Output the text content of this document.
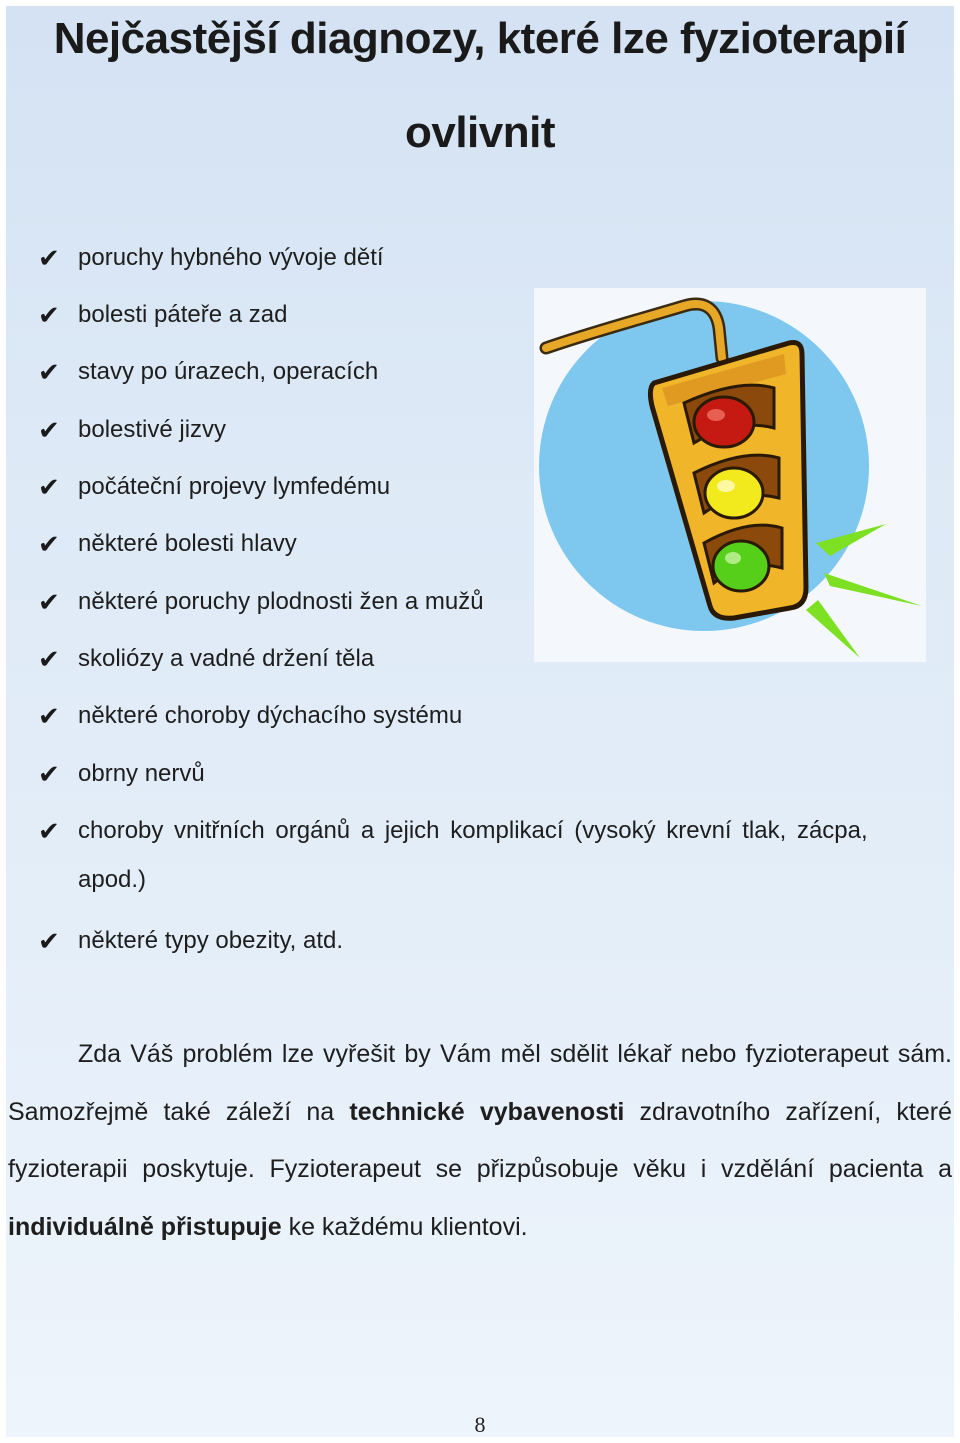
Nejčastější diagnozy, které lze fyzioterapií
ovlivnit
✔ poruchy hybného vývoje dětí
✔ bolesti páteře a zad
✔ stavy po úrazech, operacích
✔ bolestivé jizvy
✔ počáteční projevy lymfedému
✔ některé bolesti hlavy
✔ některé poruchy plodnosti žen a mužů
✔ skoliózy a vadné držení těla
✔ některé choroby dýchacího systému
✔ obrny nervů
✔ choroby vnitřních orgánů a jejich komplikací (vysoký krevní tlak, zácpa,
✔ některé typy obezity, atd.
apod.)

Zda Váš problém lze vyřešit by Vám měl sdělit lékař nebo fyzioterapeut sám. Samozřejmě také záleží na technické vybavenosti zdravotního zařízení, které fyzioterapii poskytuje. Fyzioterapeut se přizpůsobuje věku i vzdělání pacienta a individuálně přistupuje ke každému klientovi.

8
